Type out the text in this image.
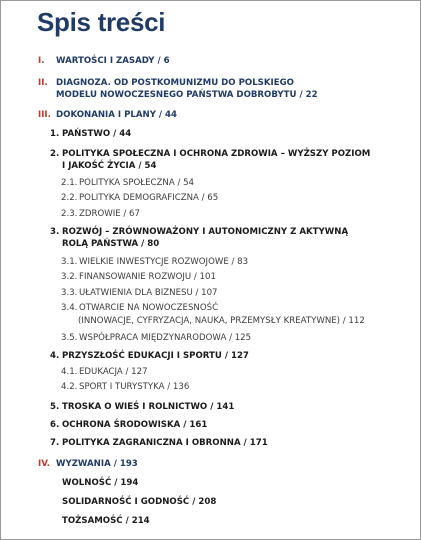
Spis treści
I. WARTOŚCI I ZASADY / 6
II. DIAGNOZA. OD POSTKOMUNIZMU DO POLSKIEGO
MODELU NOWOCZESNEGO PAŃSTWA DOBROBYTU / 22
III. DOKONANIA I PLANY / 44
1. PAŃSTWO / 44
2. POLITYKA SPOŁECZNA I OCHRONA ZDROWIA – WYŻSZY POZIOM
I JAKOŚĆ ŻYCIA / 54
2.1. POLITYKA SPOŁECZNA / 54
2.2. POLITYKA DEMOGRAFICZNA / 65
2.3. ZDROWIE / 67
3. ROZWÓJ – ZRÓWNOWAŻONY I AUTONOMICZNY Z AKTYWNĄ
ROLĄ PAŃSTWA / 80
3.1. WIELKIE INWESTYCJE ROZWOJOWE / 83
3.2. FINANSOWANIE ROZWOJU / 101
3.3. UŁATWIENIA DLA BIZNESU / 107
3.4. OTWARCIE NA NOWOCZESNOŚĆ
(INNOWACJE, CYFRYZACJA, NAUKA, PRZEMYSŁY KREATYWNE) / 112
3.5. WSPÓŁPRACA MIĘDZYNARODOWA / 125
4. PRZYSZŁOŚĆ EDUKACJI I SPORTU / 127
4.1. EDUKACJA / 127
4.2. SPORT I TURYSTYKA / 136
5. TROSKA O WIEŚ I ROLNICTWO / 141
6. OCHRONA ŚRODOWISKA / 161
7. POLITYKA ZAGRANICZNA I OBRONNA / 171
IV. WYZWANIA / 193
WOLNOŚĆ / 194
SOLIDARNOŚĆ I GODNOŚĆ / 208
TOŻSAMOŚĆ / 214
